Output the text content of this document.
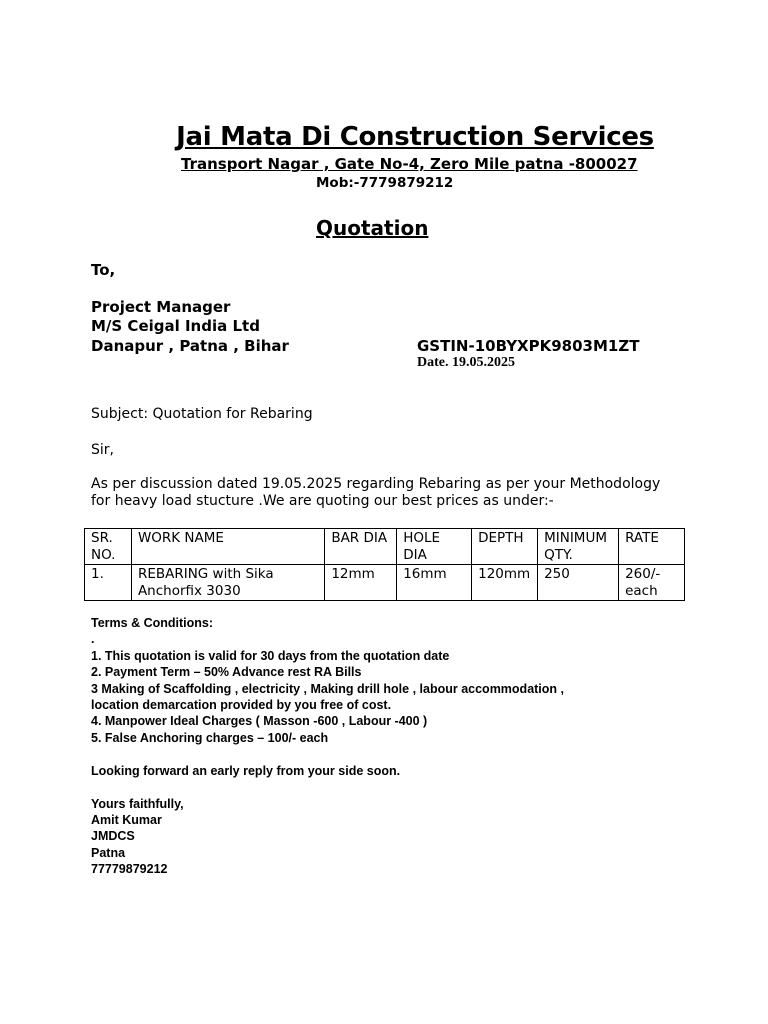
Jai Mata Di Construction Services
Transport Nagar , Gate No-4, Zero Mile patna -800027
Mob:-7779879212
Quotation
To,
Project Manager
M/S Ceigal India Ltd
Danapur , Patna , Bihar	GSTIN-10BYXPK9803M1ZT
Date. 19.05.2025
Subject: Quotation for Rebaring
Sir,
As per discussion dated 19.05.2025 regarding Rebaring as per your Methodology
for heavy load stucture .We are quoting our best prices as under:-
SR. NO.	WORK NAME	BAR DIA	HOLE DIA	DEPTH	MINIMUM QTY.	RATE
1.	REBARING with Sika Anchorfix 3030	12mm	16mm	120mm	250	260/- each
Terms & Conditions:
.
1. This quotation is valid for 30 days from the quotation date
2. Payment Term – 50% Advance rest RA Bills
3 Making of Scaffolding , electricity , Making drill hole , labour accommodation ,
location demarcation provided by you free of cost.
4. Manpower Ideal Charges ( Masson -600 , Labour -400 )
5. False Anchoring charges – 100/- each
Looking forward an early reply from your side soon.
Yours faithfully,
Amit Kumar
JMDCS
Patna
77779879212
